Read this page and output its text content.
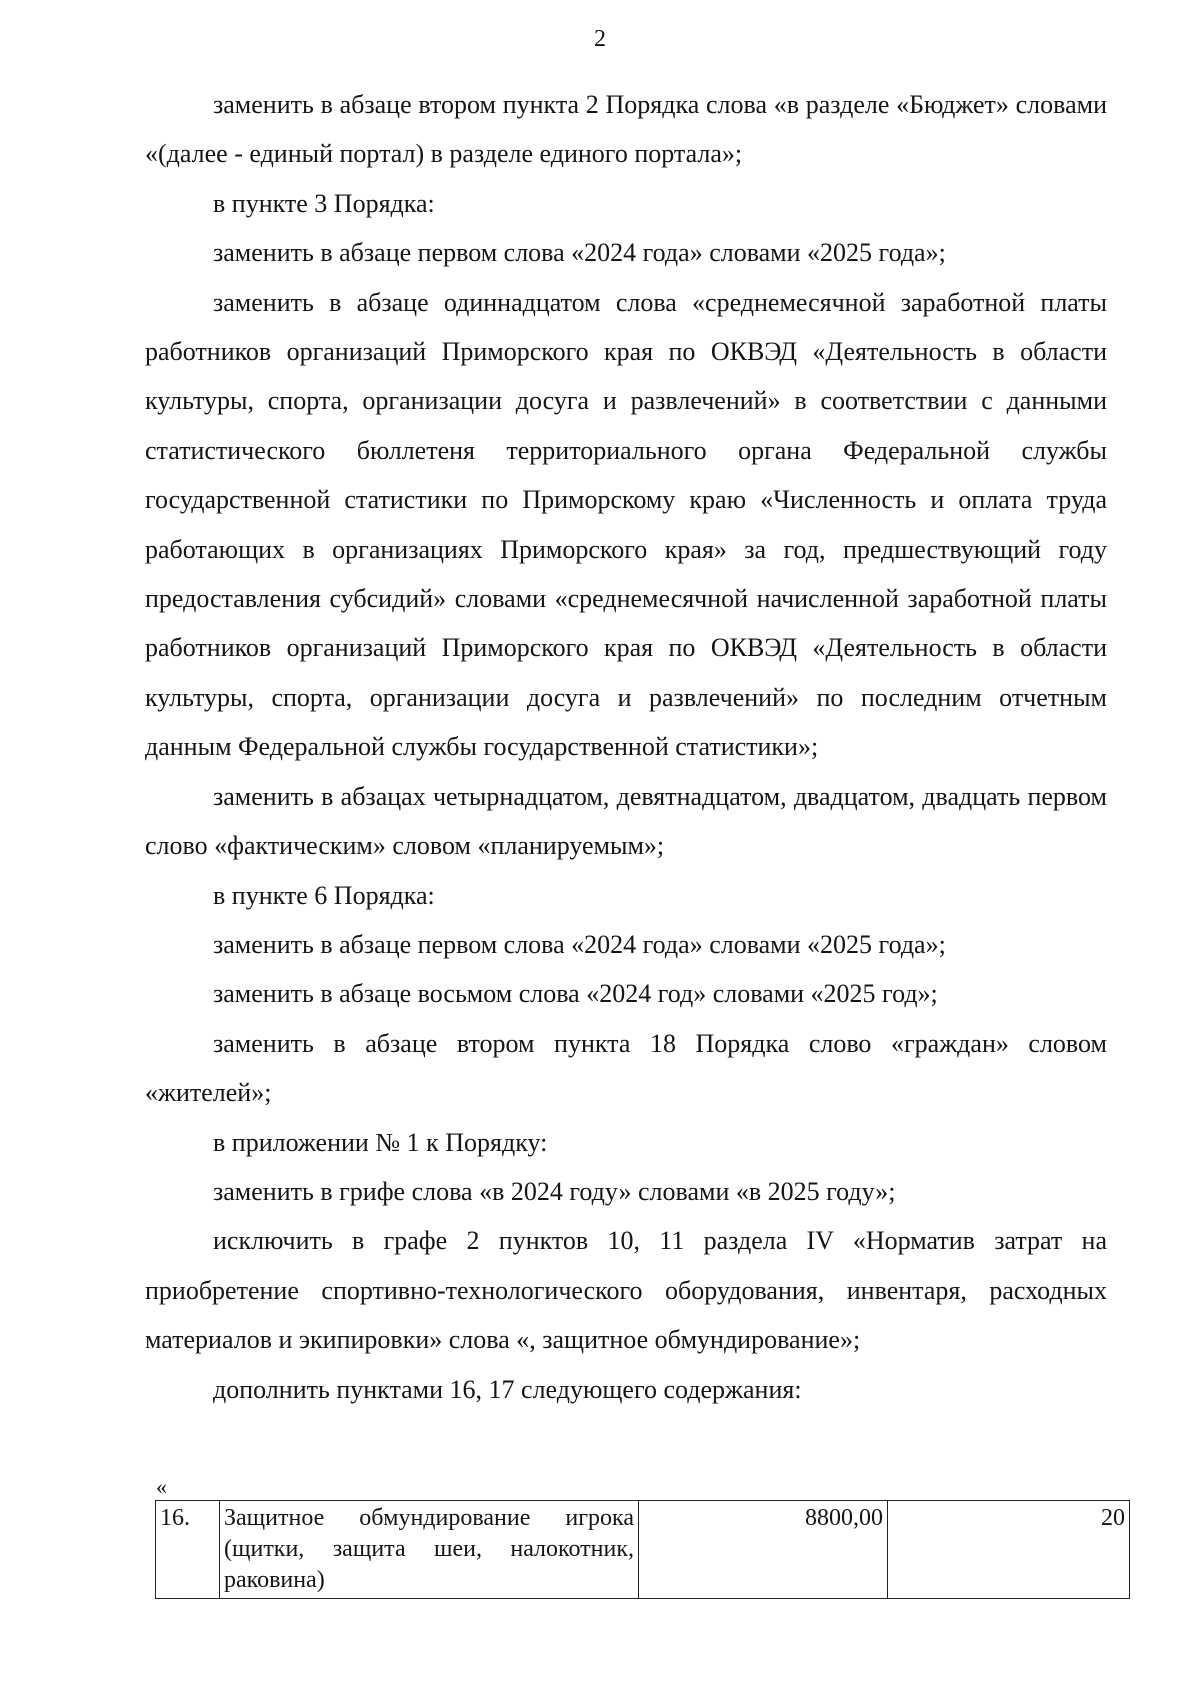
2

заменить в абзаце втором пункта 2 Порядка слова «в разделе «Бюджет» словами «(далее - единый портал) в разделе единого портала»;

в пункте 3 Порядка:

заменить в абзаце первом слова «2024 года» словами «2025 года»;

заменить в абзаце одиннадцатом слова «среднемесячной заработной платы работников организаций Приморского края по ОКВЭД «Деятельность в области культуры, спорта, организации досуга и развлечений» в соответствии с данными статистического бюллетеня территориального органа Федеральной службы государственной статистики по Приморскому краю «Численность и оплата труда работающих в организациях Приморского края» за год, предшествующий году предоставления субсидий» словами «среднемесячной начисленной заработной платы работников организаций Приморского края по ОКВЭД «Деятельность в области культуры, спорта, организации досуга и развлечений» по последним отчетным данным Федеральной службы государственной статистики»;

заменить в абзацах четырнадцатом, девятнадцатом, двадцатом, двадцать первом слово «фактическим» словом «планируемым»;

в пункте 6 Порядка:

заменить в абзаце первом слова «2024 года» словами «2025 года»;

заменить в абзаце восьмом слова «2024 год» словами «2025 год»;

заменить в абзаце втором пункта 18 Порядка слово «граждан» словом «жителей»;

в приложении № 1 к Порядку:

заменить в грифе слова «в 2024 году» словами «в 2025 году»;

исключить в графе 2 пунктов 10, 11 раздела IV «Норматив затрат на приобретение спортивно-технологического оборудования, инвентаря, расходных материалов и экипировки» слова «, защитное обмундирование»;

дополнить пунктами 16, 17 следующего содержания:

«
16.	Защитное обмундирование игрока (щитки, защита шеи, налокотник, раковина)	8800,00	20
